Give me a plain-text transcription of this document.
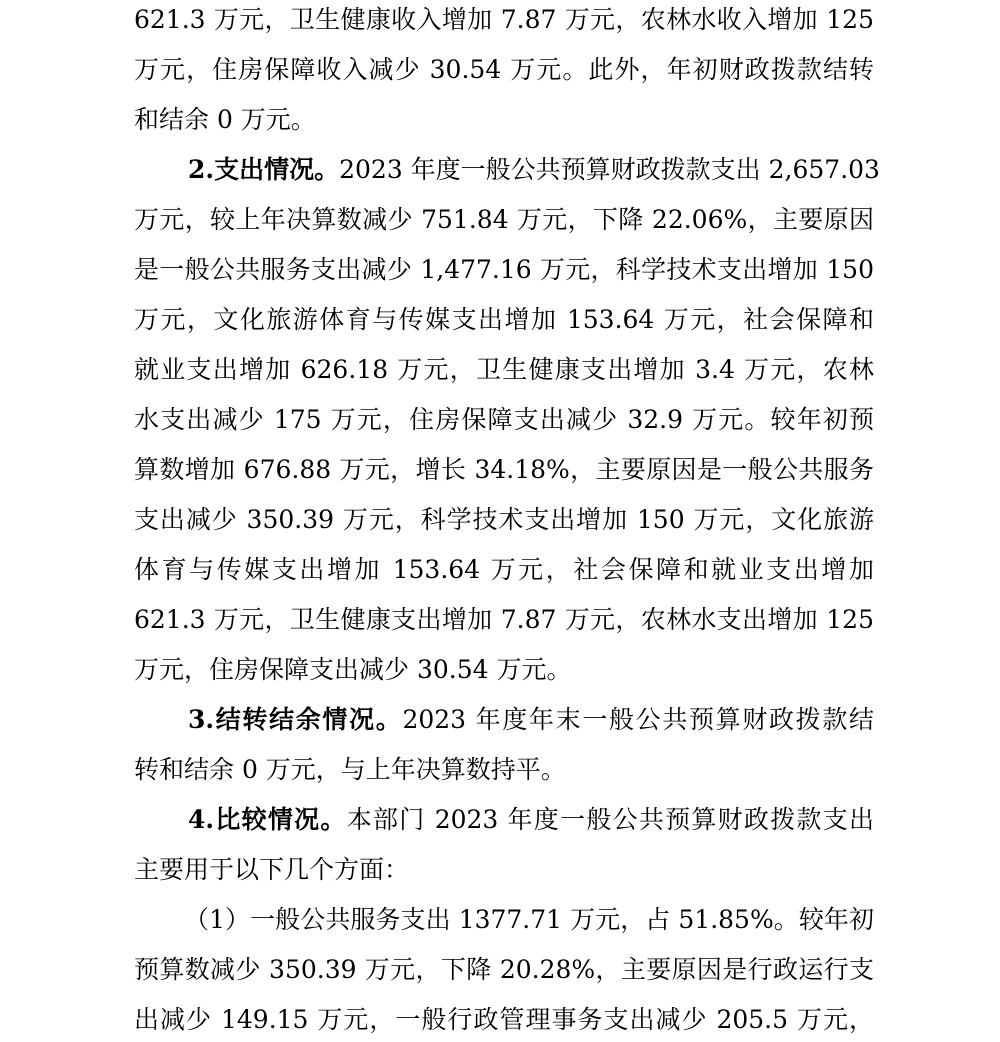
621.3 万元，卫生健康收入增加 7.87 万元，农林水收入增加 125
万元，住房保障收入减少 30.54 万元。此外，年初财政拨款结转
和结余 0 万元。
2.支出情况。2023 年度一般公共预算财政拨款支出 2,657.03
万元，较上年决算数减少 751.84 万元，下降 22.06%，主要原因
是一般公共服务支出减少 1,477.16 万元，科学技术支出增加 150
万元，文化旅游体育与传媒支出增加 153.64 万元，社会保障和
就业支出增加 626.18 万元，卫生健康支出增加 3.4 万元，农林
水支出减少 175 万元，住房保障支出减少 32.9 万元。较年初预
算数增加 676.88 万元，增长 34.18%，主要原因是一般公共服务
支出减少 350.39 万元，科学技术支出增加 150 万元，文化旅游
体育与传媒支出增加 153.64 万元，社会保障和就业支出增加
621.3 万元，卫生健康支出增加 7.87 万元，农林水支出增加 125
万元，住房保障支出减少 30.54 万元。
3.结转结余情况。2023 年度年末一般公共预算财政拨款结
转和结余 0 万元，与上年决算数持平。
4.比较情况。本部门 2023 年度一般公共预算财政拨款支出
主要用于以下几个方面：
（1）一般公共服务支出 1377.71 万元，占 51.85%。较年初
预算数减少 350.39 万元，下降 20.28%，主要原因是行政运行支
出减少 149.15 万元，一般行政管理事务支出减少 205.5 万元，
